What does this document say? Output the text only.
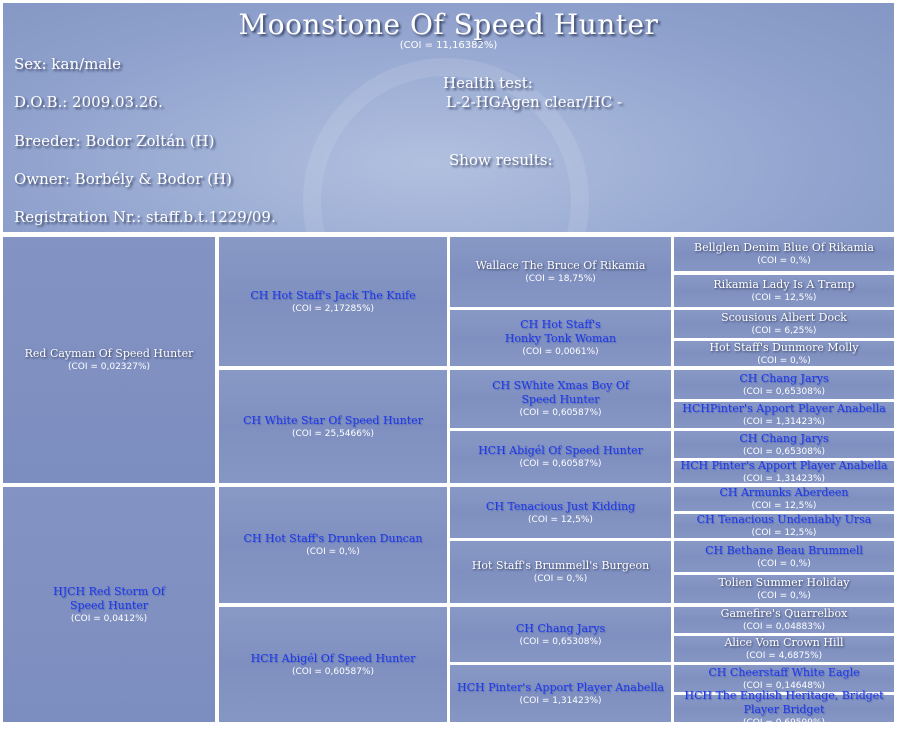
Moonstone Of Speed Hunter
(COI = 11,16382%)
Sex: kan/male
D.O.B.: 2009.03.26.
Breeder: Bodor Zoltán (H)
Owner: Borbély & Bodor (H)
Registration Nr.: staff.b.t.1229/09.
Health test:
L-2-HGAgen clear/HC -
Show results:
Red Cayman Of Speed Hunter
(COI = 0,02327%)
HJCH Red Storm Of
Speed Hunter
(COI = 0,0412%)
CH Hot Staff's Jack The Knife
(COI = 2,17285%)
CH White Star Of Speed Hunter
(COI = 25,5466%)
CH Hot Staff's Drunken Duncan
(COI = 0,%)
HCH Abigél Of Speed Hunter
(COI = 0,60587%)
Wallace The Bruce Of Rikamia
(COI = 18,75%)
CH Hot Staff's
Honky Tonk Woman
(COI = 0,0061%)
CH SWhite Xmas Boy Of
Speed Hunter
(COI = 0,60587%)
HCH Abigél Of Speed Hunter
(COI = 0,60587%)
CH Tenacious Just Kidding
(COI = 12,5%)
Hot Staff's Brummell's Burgeon
(COI = 0,%)
CH Chang Jarys
(COI = 0,65308%)
HCH Pinter's Apport Player Anabella
(COI = 1,31423%)
Bellglen Denim Blue Of Rikamia
(COI = 0,%)
Rikamia Lady Is A Tramp
(COI = 12,5%)
Scousious Albert Dock
(COI = 6,25%)
Hot Staff's Dunmore Molly
(COI = 0,%)
CH Chang Jarys
(COI = 0,65308%)
HCHPinter's Apport Player Anabella
(COI = 1,31423%)
CH Chang Jarys
(COI = 0,65308%)
HCH Pinter's Apport Player Anabella
(COI = 1,31423%)
CH Armunks Aberdeen
(COI = 12,5%)
CH Tenacious Undeniably Ursa
(COI = 12,5%)
CH Bethane Beau Brummell
(COI = 0,%)
Tolien Summer Holiday
(COI = 0,%)
Gamefire's Quarrelbox
(COI = 0,04883%)
Alice Vom Crown Hill
(COI = 4,6875%)
CH Cheerstaff White Eagle
(COI = 0,14648%)
HCH The English Heritage, Bridget
Player Bridget
(COI = 0,69599%)
